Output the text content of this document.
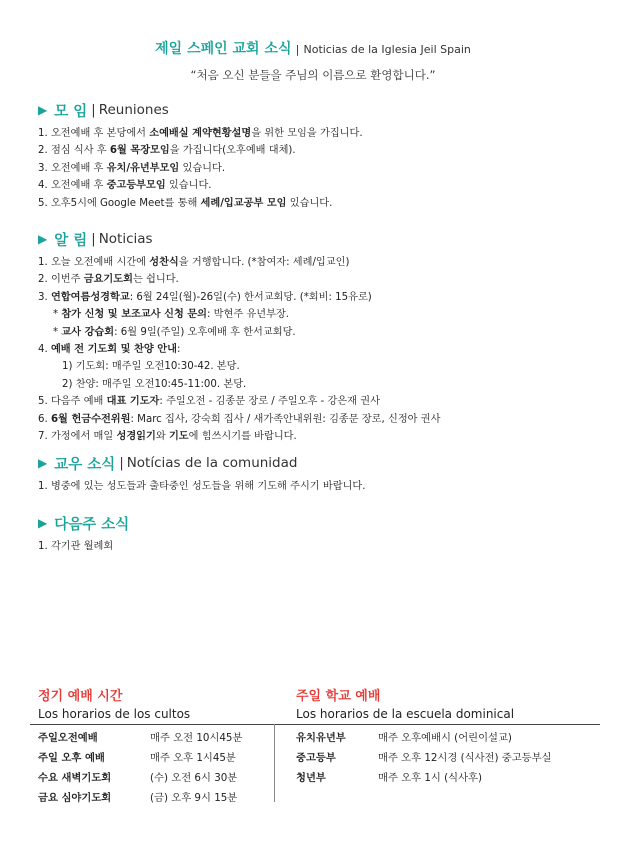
제일 스페인 교회 소식 | Noticias de la Iglesia Jeil Spain
“처음 오신 분들을 주님의 이름으로 환영합니다.”
▶ 모 임 | Reuniones
1. 오전예배 후 본당에서 소예배실 계약현황설명을 위한 모임을 가집니다.
2. 점심 식사 후 6월 목장모임을 가집니다(오후예배 대체).
3. 오전예배 후 유치/유년부모임 있습니다.
4. 오전예배 후 중고등부모임 있습니다.
5. 오후5시에 Google Meet를 통해 세례/입교공부 모임 있습니다.
▶ 알 림 | Noticias
1. 오늘 오전예배 시간에 성찬식을 거행합니다. (*참여자: 세례/입교인)
2. 이번주 금요기도회는 쉽니다.
3. 연합여름성경학교: 6월 24일(월)-26일(수) 한서교회당. (*회비: 15유로)
* 참가 신청 및 보조교사 신청 문의: 박현주 유년부장.
* 교사 강습회: 6월 9일(주일) 오후예배 후 한서교회당.
4. 예배 전 기도회 및 찬양 안내:
1) 기도회: 매주일 오전10:30-42. 본당.
2) 찬양: 매주일 오전10:45-11:00. 본당.
5. 다음주 예배 대표 기도자: 주일오전 - 김종문 장로 / 주일오후 - 강은재 권사
6. 6월 헌금수전위원: Marc 집사, 강숙희 집사 / 새가족안내위원: 김종문 장로, 신정아 권사
7. 가정에서 매일 성경읽기와 기도에 힘쓰시기를 바랍니다.
▶ 교우 소식 | Notícias de la comunidad
1. 병중에 있는 성도들과 출타중인 성도들을 위해 기도해 주시기 바랍니다.
▶ 다음주 소식
1. 각기관 월례회
정기 예배 시간
Los horarios de los cultos
주일 학교 예배
Los horarios de la escuela dominical
주일오전예배	매주 오전 10시45분
주일 오후 예배	매주 오후 1시45분
수요 새벽기도회	(수) 오전 6시 30분
금요 심야기도회	(금) 오후 9시 15분
유치유년부	매주 오후예배시 (어린이설교)
중고등부	매주 오후 12시경 (식사전) 중고등부실
청년부	매주 오후 1시 (식사후)
